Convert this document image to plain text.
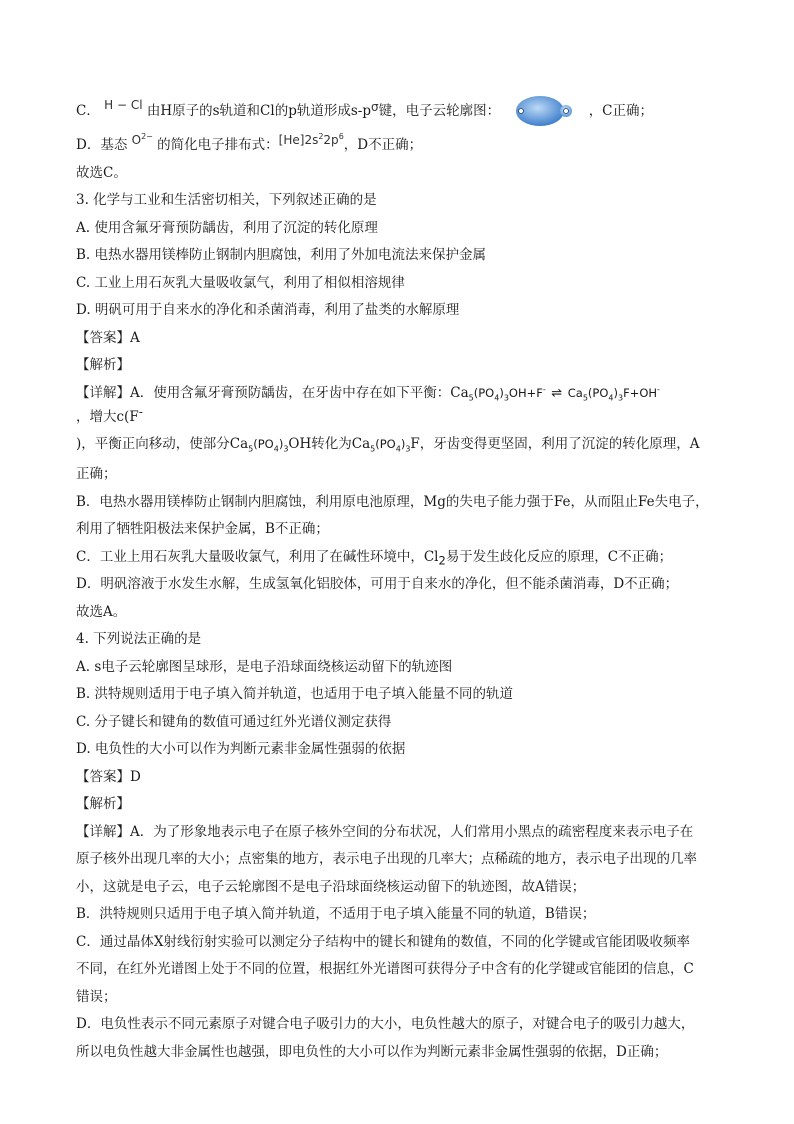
C． H − Cl 由H原子的s轨道和Cl的p轨道形成s-pσ键，电子云轮廓图：	，C正确；
D．基态 $O^{2-}$ 的简化电子排布式：$[He]2s^22p^6$，D不正确；
故选C。
3. 化学与工业和生活密切相关，下列叙述正确的是
A. 使用含氟牙膏预防龋齿，利用了沉淀的转化原理
B. 电热水器用镁棒防止钢制内胆腐蚀，利用了外加电流法来保护金属
C. 工业上用石灰乳大量吸收氯气，利用了相似相溶规律
D. 明矾可用于自来水的净化和杀菌消毒，利用了盐类的水解原理
【答案】A
【解析】
【详解】A．使用含氟牙膏预防龋齿，在牙齿中存在如下平衡：$Ca_5(PO_4)_3OH+F^-$ ⇌ $Ca_5(PO_4)_3F+OH^-$
，增大c(F-
)，平衡正向移动，使部分$Ca_5(PO_4)_3OH$转化为$Ca_5(PO_4)_3F$，牙齿变得更坚固，利用了沉淀的转化原理，A
正确；
B．电热水器用镁棒防止钢制内胆腐蚀，利用原电池原理，Mg的失电子能力强于Fe，从而阻止Fe失电子，
利用了牺牲阳极法来保护金属，B不正确；
C．工业上用石灰乳大量吸收氯气，利用了在碱性环境中，$Cl_2$易于发生歧化反应的原理，C不正确；
D．明矾溶液于水发生水解，生成氢氧化铝胶体，可用于自来水的净化，但不能杀菌消毒，D不正确；
故选A。
4. 下列说法正确的是
A. s电子云轮廓图呈球形，是电子沿球面绕核运动留下的轨迹图
B. 洪特规则适用于电子填入简并轨道，也适用于电子填入能量不同的轨道
C. 分子键长和键角的数值可通过红外光谱仪测定获得
D. 电负性的大小可以作为判断元素非金属性强弱的依据
【答案】D
【解析】
【详解】A．为了形象地表示电子在原子核外空间的分布状况，人们常用小黑点的疏密程度来表示电子在
原子核外出现几率的大小；点密集的地方，表示电子出现的几率大；点稀疏的地方，表示电子出现的几率
小，这就是电子云，电子云轮廓图不是电子沿球面绕核运动留下的轨迹图，故A错误；
B．洪特规则只适用于电子填入简并轨道，不适用于电子填入能量不同的轨道，B错误；
C．通过晶体X射线衍射实验可以测定分子结构中的键长和键角的数值，不同的化学键或官能团吸收频率
不同，在红外光谱图上处于不同的位置，根据红外光谱图可获得分子中含有的化学键或官能团的信息，C
错误；
D．电负性表示不同元素原子对键合电子吸引力的大小，电负性越大的原子，对键合电子的吸引力越大，
所以电负性越大非金属性也越强，即电负性的大小可以作为判断元素非金属性强弱的依据，D正确；
